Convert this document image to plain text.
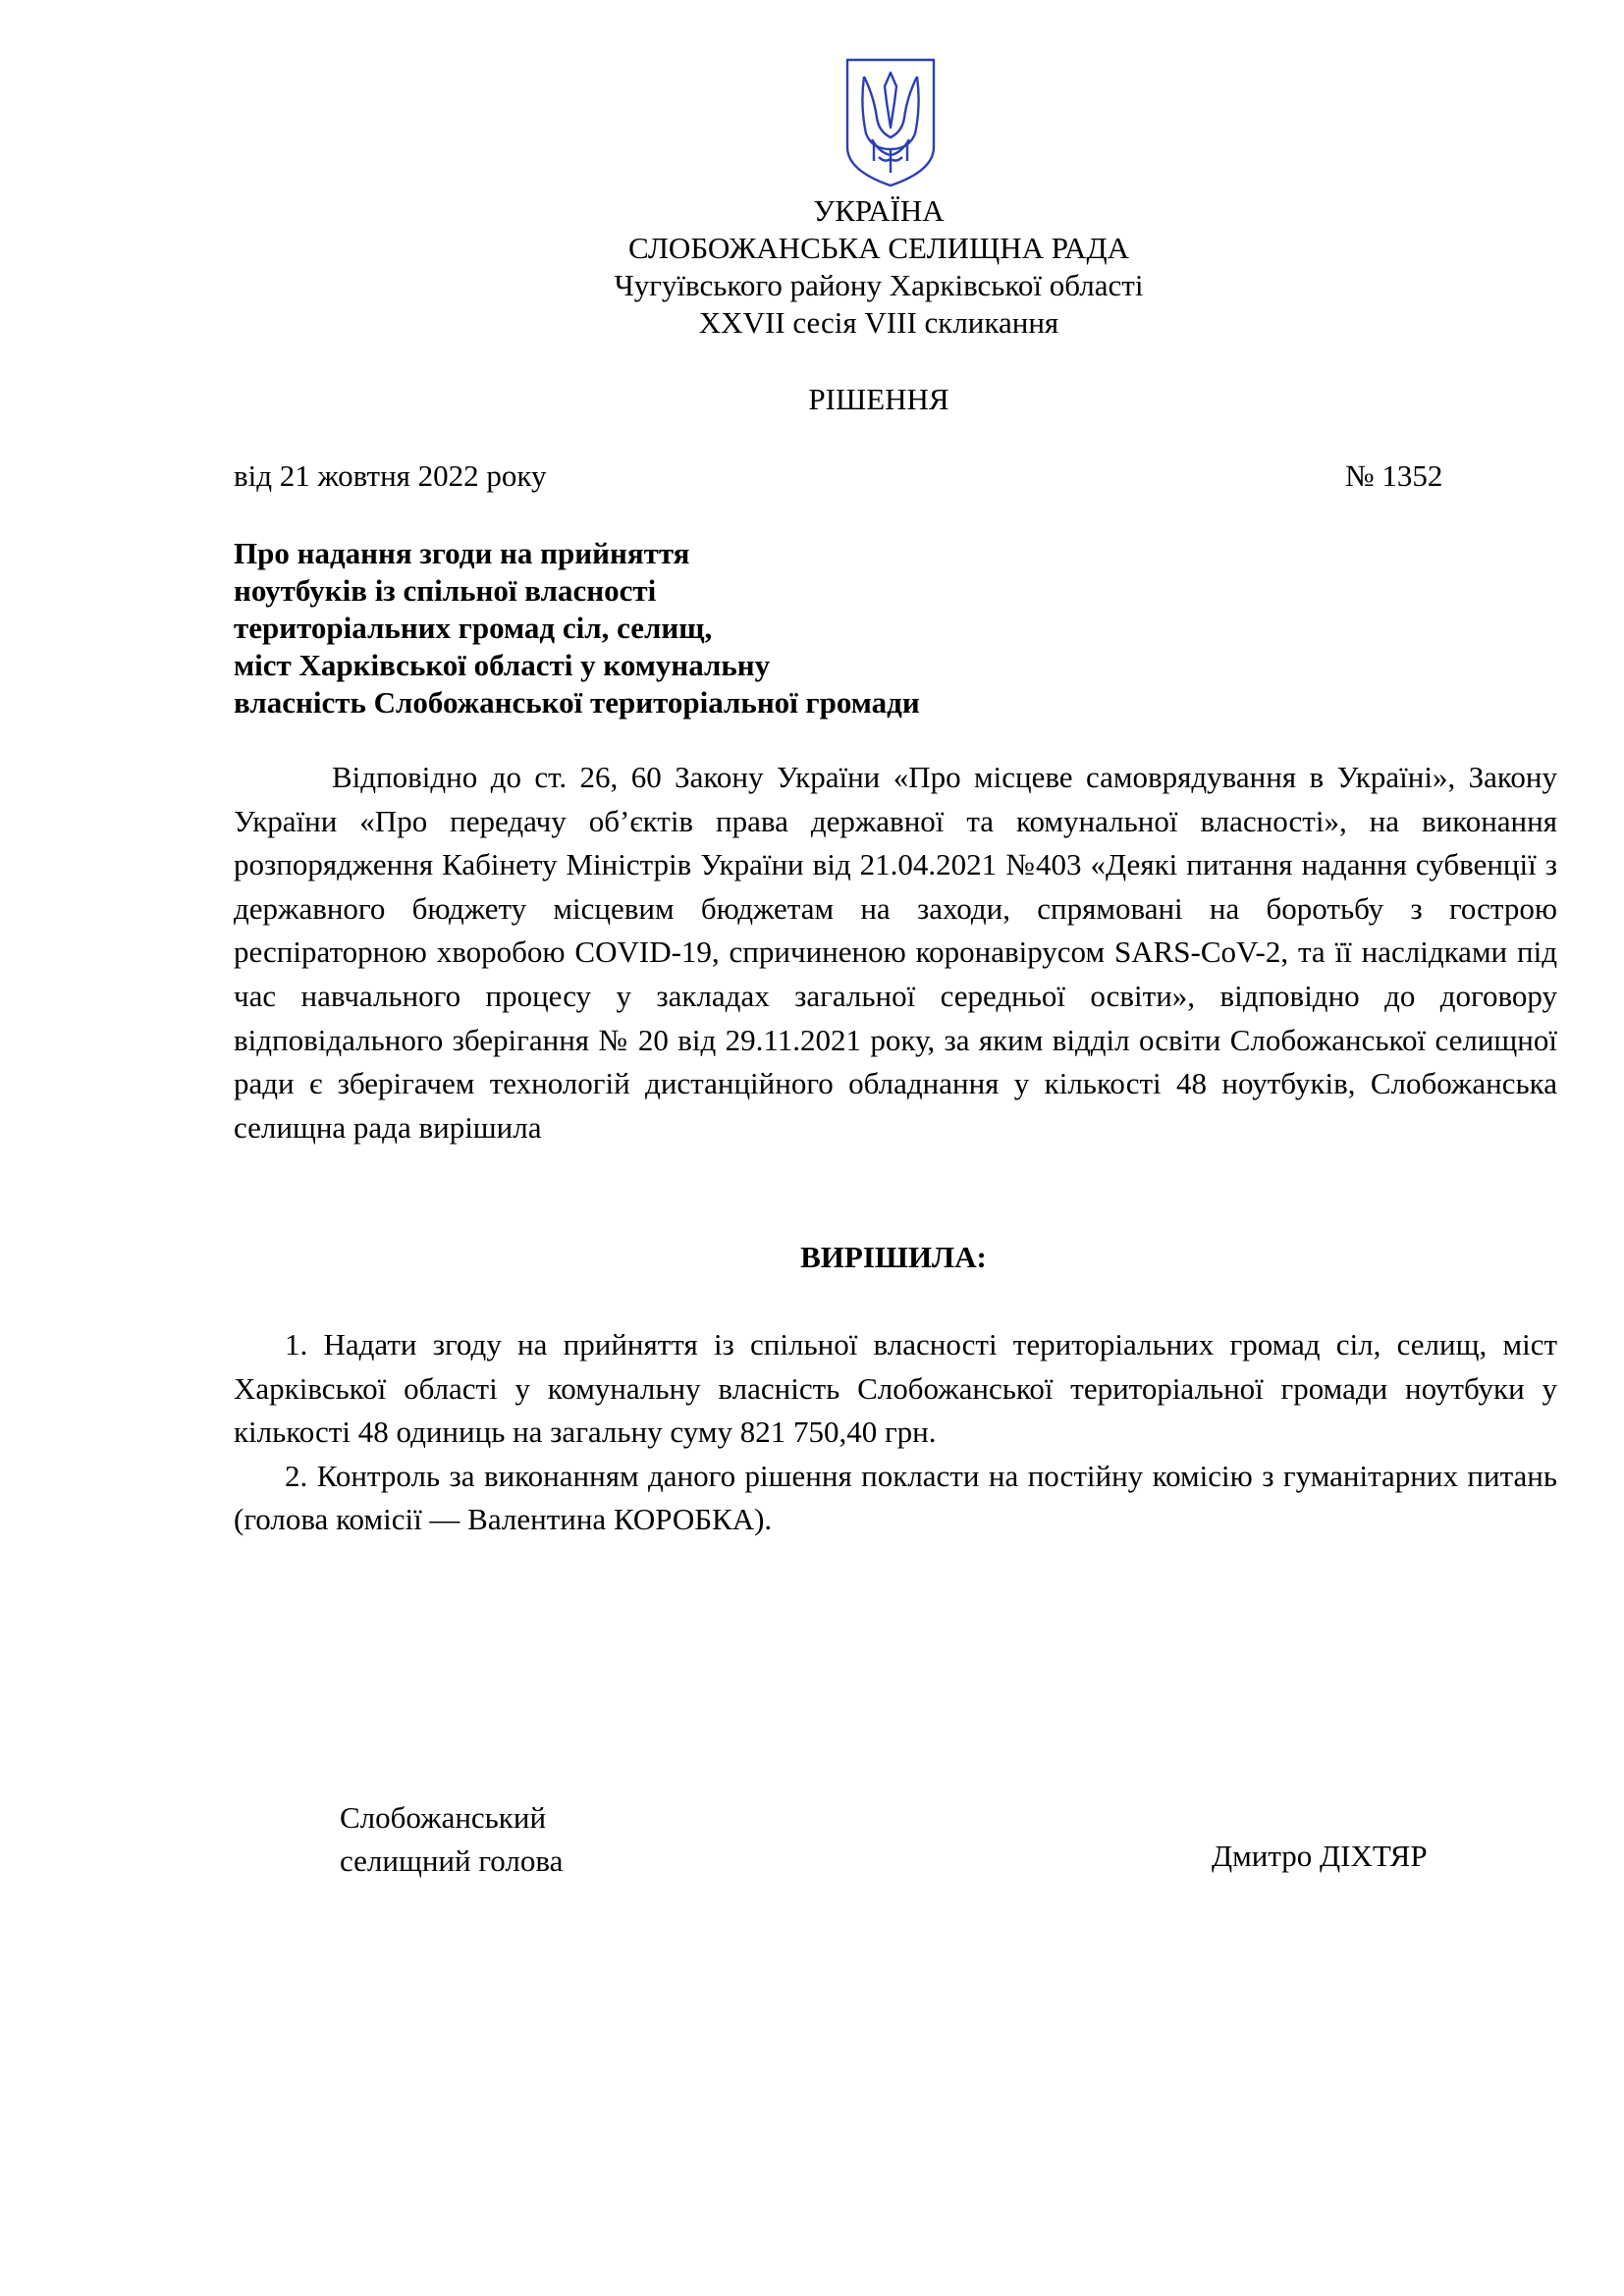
УКРАЇНА
СЛОБОЖАНСЬКА СЕЛИЩНА РАДА
Чугуївського району Харківської області
XXVII сесія VIII скликання
РІШЕННЯ
від 21 жовтня 2022 року	№ 1352
Про надання згоди на прийняття
ноутбуків із спільної власності
територіальних громад сіл, селищ,
міст Харківської області у комунальну
власність Слобожанської територіальної громади
Відповідно до ст. 26, 60 Закону України «Про місцеве самоврядування в Україні», Закону України «Про передачу об’єктів права державної та комунальної власності», на виконання розпорядження Кабінету Міністрів України від 21.04.2021 №403 «Деякі питання надання субвенції з державного бюджету місцевим бюджетам на заходи, спрямовані на боротьбу з гострою респіраторною хворобою COVID-19, спричиненою коронавірусом SARS-CoV-2, та її наслідками під час навчального процесу у закладах загальної середньої освіти», відповідно до договору відповідального зберігання № 20 від 29.11.2021 року, за яким відділ освіти Слобожанської селищної ради є зберігачем технологій дистанційного обладнання у кількості 48 ноутбуків, Слобожанська селищна рада вирішила
ВИРІШИЛА:
1. Надати згоду на прийняття із спільної власності територіальних громад сіл, селищ, міст Харківської області у комунальну власність Слобожанської територіальної громади ноутбуки у кількості 48 одиниць на загальну суму 821 750,40 грн.
2. Контроль за виконанням даного рішення покласти на постійну комісію з гуманітарних питань (голова комісії — Валентина КОРОБКА).
Слобожанський
селищний голова	Дмитро ДІХТЯР
